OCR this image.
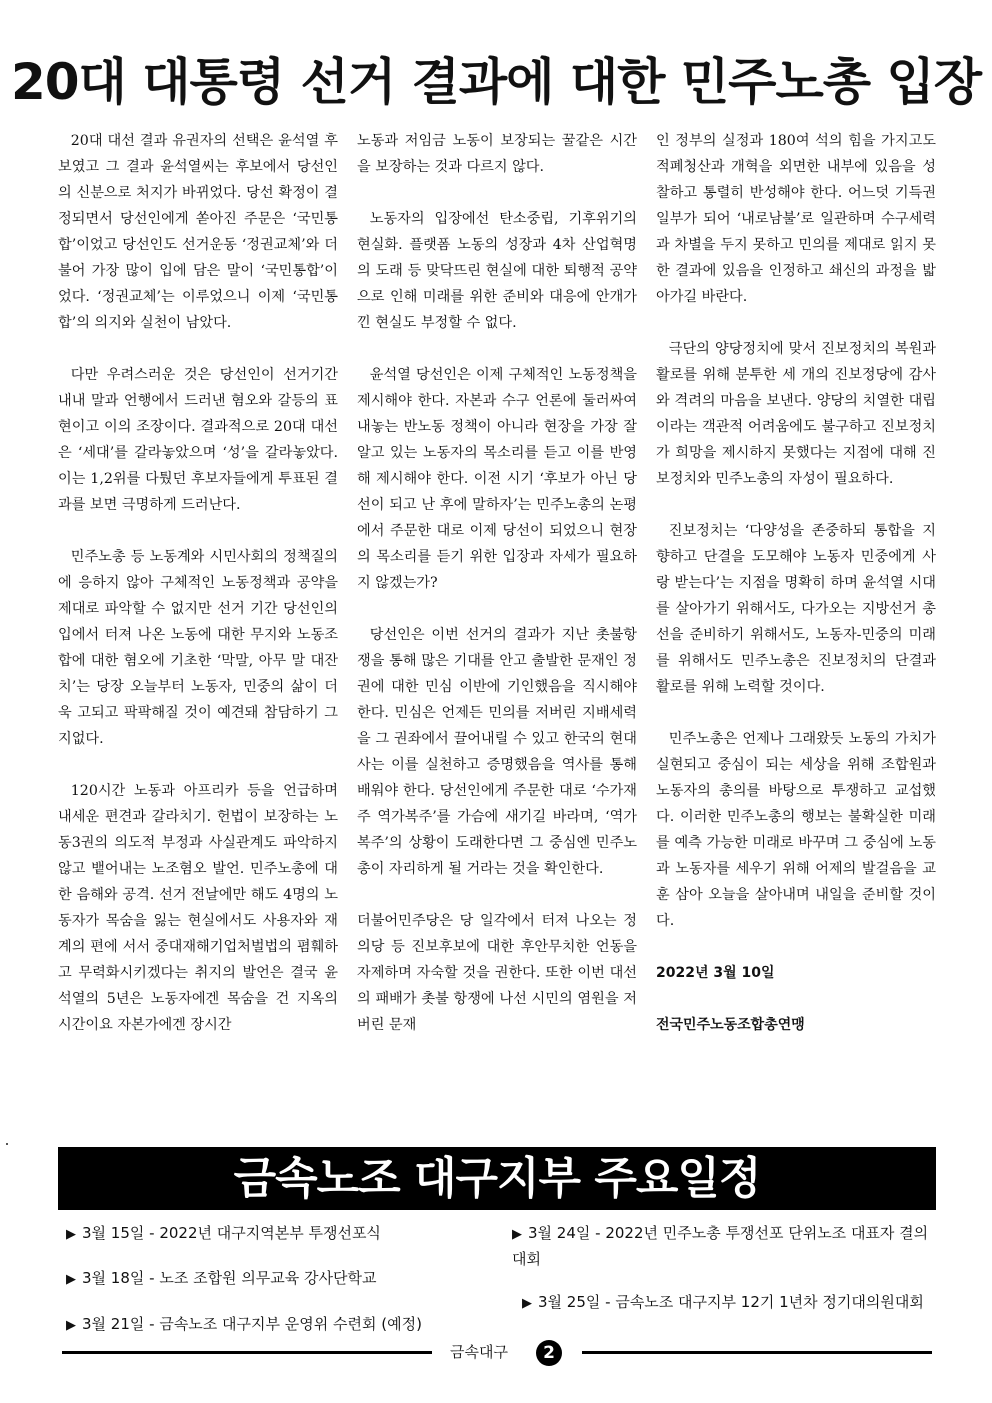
20대 대통령 선거 결과에 대한 민주노총 입장

20대 대선 결과 유권자의 선택은 윤석열 후보였고 그 결과 윤석열씨는 후보에서 당선인의 신분으로 처지가 바뀌었다. 당선 확정이 결정되면서 당선인에게 쏟아진 주문은 ‘국민통합’이었고 당선인도 선거운동 ‘정권교체’와 더불어 가장 많이 입에 담은 말이 ‘국민통합’이었다. ‘정권교체’는 이루었으니 이제 ‘국민통합’의 의지와 실천이 남았다.

다만 우려스러운 것은 당선인이 선거기간 내내 말과 언행에서 드러낸 혐오와 갈등의 표현이고 이의 조장이다. 결과적으로 20대 대선은 ‘세대’를 갈라놓았으며 ‘성’을 갈라놓았다. 이는 1,2위를 다퉜던 후보자들에게 투표된 결과를 보면 극명하게 드러난다.

민주노총 등 노동계와 시민사회의 정책질의에 응하지 않아 구체적인 노동정책과 공약을 제대로 파악할 수 없지만 선거 기간 당선인의 입에서 터져 나온 노동에 대한 무지와 노동조합에 대한 혐오에 기초한 ‘막말, 아무 말 대잔치’는 당장 오늘부터 노동자, 민중의 삶이 더욱 고되고 팍팍해질 것이 예견돼 참담하기 그지없다.

120시간 노동과 아프리카 등을 언급하며 내세운 편견과 갈라치기. 헌법이 보장하는 노동3권의 의도적 부정과 사실관계도 파악하지 않고 뱉어내는 노조혐오 발언. 민주노총에 대한 음해와 공격. 선거 전날에만 해도 4명의 노동자가 목숨을 잃는 현실에서도 사용자와 재계의 편에 서서 중대재해기업처벌법의 폄훼하고 무력화시키겠다는 취지의 발언은 결국 윤석열의 5년은 노동자에겐 목숨을 건 지옥의 시간이요 자본가에겐 장시간

노동과 저임금 노동이 보장되는 꿀같은 시간을 보장하는 것과 다르지 않다.

노동자의 입장에선 탄소중립, 기후위기의 현실화. 플랫폼 노동의 성장과 4차 산업혁명의 도래 등 맞닥뜨린 현실에 대한 퇴행적 공약으로 인해 미래를 위한 준비와 대응에 안개가 낀 현실도 부정할 수 없다.

윤석열 당선인은 이제 구체적인 노동정책을 제시해야 한다. 자본과 수구 언론에 둘러싸여 내놓는 반노동 정책이 아니라 현장을 가장 잘 알고 있는 노동자의 목소리를 듣고 이를 반영해 제시해야 한다. 이전 시기 ‘후보가 아닌 당선이 되고 난 후에 말하자’는 민주노총의 논평에서 주문한 대로 이제 당선이 되었으니 현장의 목소리를 듣기 위한 입장과 자세가 필요하지 않겠는가?

당선인은 이번 선거의 결과가 지난 촛불항쟁을 통해 많은 기대를 안고 출발한 문재인 정권에 대한 민심 이반에 기인했음을 직시해야 한다. 민심은 언제든 민의를 저버린 지배세력을 그 권좌에서 끌어내릴 수 있고 한국의 현대사는 이를 실천하고 증명했음을 역사를 통해 배워야 한다. 당선인에게 주문한 대로 ‘수가재주 역가복주’를 가슴에 새기길 바라며, ‘역가복주’의 상황이 도래한다면 그 중심엔 민주노총이 자리하게 될 거라는 것을 확인한다.

더불어민주당은 당 일각에서 터져 나오는 정의당 등 진보후보에 대한 후안무치한 언동을 자제하며 자숙할 것을 권한다. 또한 이번 대선의 패배가 촛불 항쟁에 나선 시민의 염원을 저버린 문재

인 정부의 실정과 180여 석의 힘을 가지고도 적폐청산과 개혁을 외면한 내부에 있음을 성찰하고 통렬히 반성해야 한다. 어느덧 기득권 일부가 되어 ‘내로남불’로 일관하며 수구세력과 차별을 두지 못하고 민의를 제대로 읽지 못한 결과에 있음을 인정하고 쇄신의 과정을 밟아가길 바란다.

극단의 양당정치에 맞서 진보정치의 복원과 활로를 위해 분투한 세 개의 진보정당에 감사와 격려의 마음을 보낸다. 양당의 치열한 대립이라는 객관적 어려움에도 불구하고 진보정치가 희망을 제시하지 못했다는 지점에 대해 진보정치와 민주노총의 자성이 필요하다.

진보정치는 ‘다양성을 존중하되 통합을 지향하고 단결을 도모해야 노동자 민중에게 사랑 받는다’는 지점을 명확히 하며 윤석열 시대를 살아가기 위해서도, 다가오는 지방선거 총선을 준비하기 위해서도, 노동자-민중의 미래를 위해서도 민주노총은 진보정치의 단결과 활로를 위해 노력할 것이다.

민주노총은 언제나 그래왔듯 노동의 가치가 실현되고 중심이 되는 세상을 위해 조합원과 노동자의 총의를 바탕으로 투쟁하고 교섭했다. 이러한 민주노총의 행보는 불확실한 미래를 예측 가능한 미래로 바꾸며 그 중심에 노동과 노동자를 세우기 위해 어제의 발걸음을 교훈 삼아 오늘을 살아내며 내일을 준비할 것이다.

2022년 3월 10일

전국민주노동조합총연맹

금속노조 대구지부 주요일정
▶ 3월 15일 - 2022년 대구지역본부 투쟁선포식
▶ 3월 18일 - 노조 조합원 의무교육 강사단학교
▶ 3월 21일 - 금속노조 대구지부 운영위 수련회 (예정)
▶ 3월 24일 - 2022년 민주노총 투쟁선포 단위노조 대표자 결의대회
▶ 3월 25일 - 금속노조 대구지부 12기 1년차 정기대의원대회
금속대구	2
